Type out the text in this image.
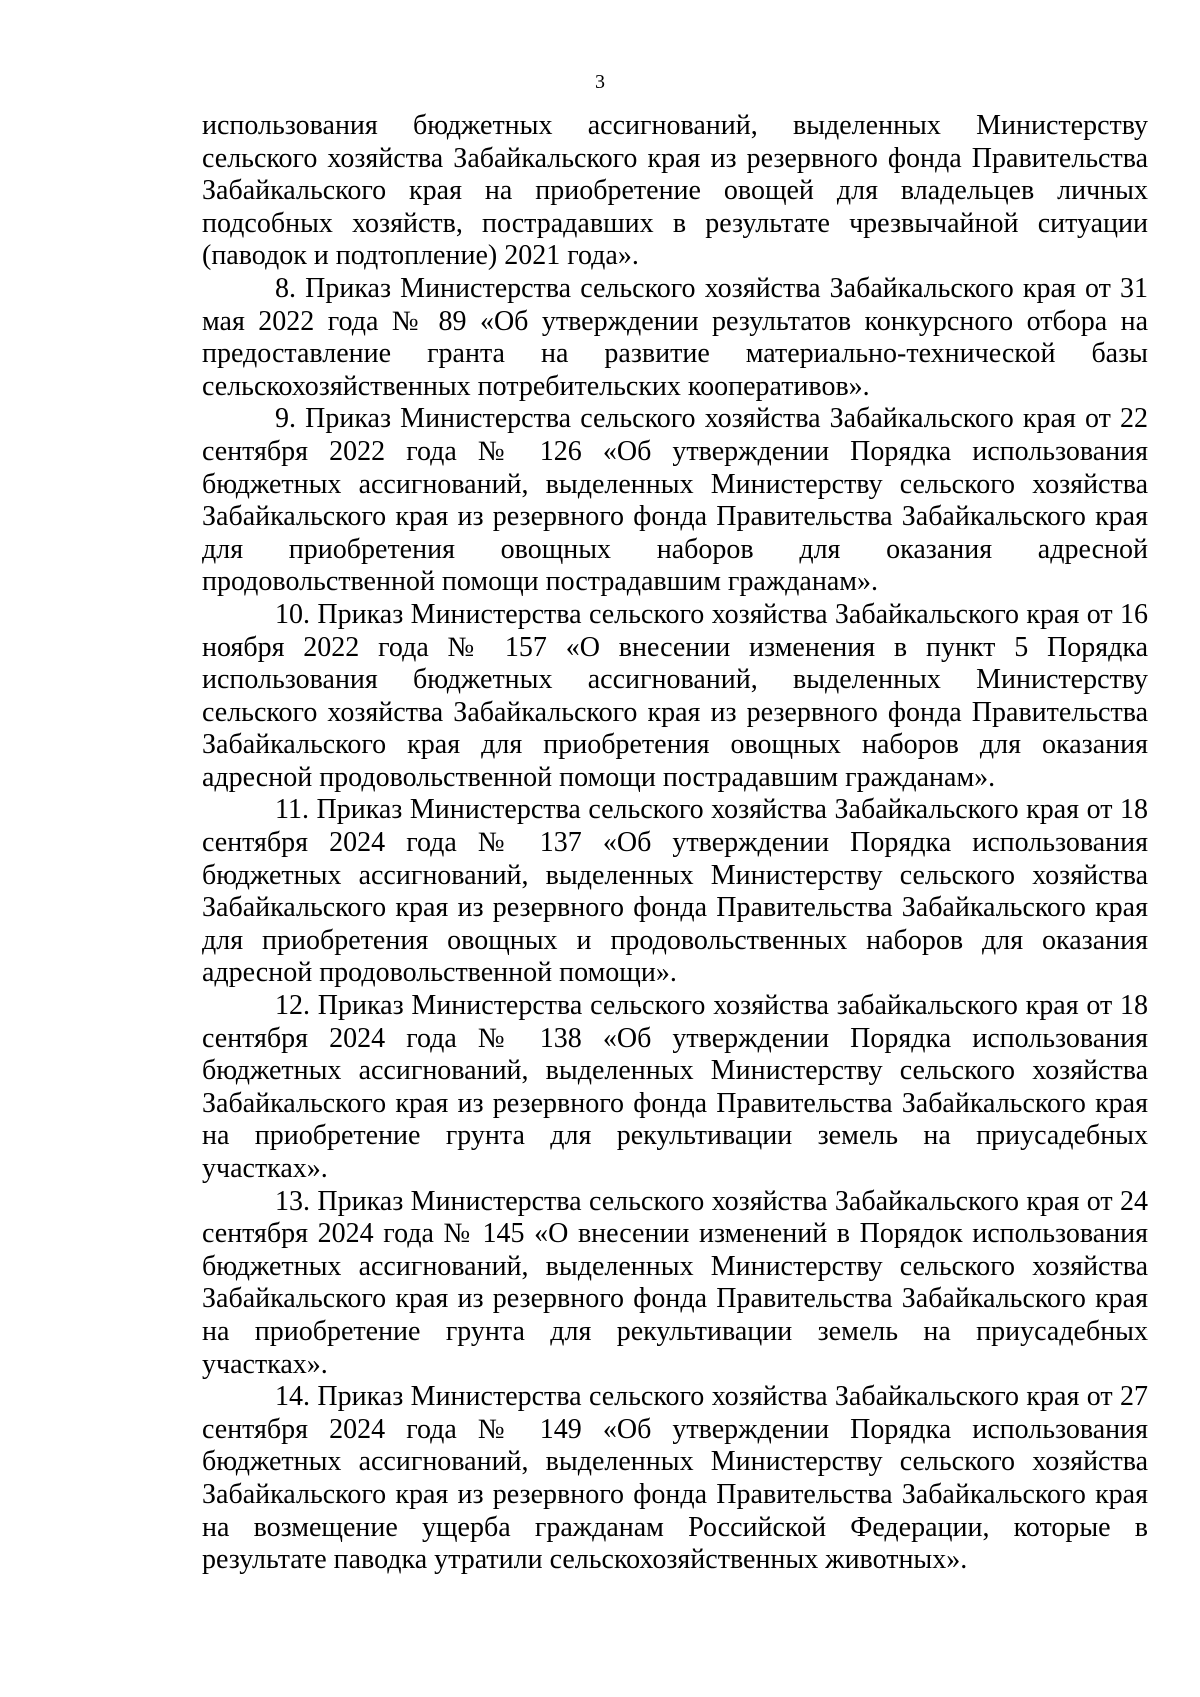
3

использования бюджетных ассигнований, выделенных Министерству сельского хозяйства Забайкальского края из резервного фонда Правительства Забайкальского края на приобретение овощей для владельцев личных подсобных хозяйств, пострадавших в результате чрезвычайной ситуации (паводок и подтопление) 2021 года».

8. Приказ Министерства сельского хозяйства Забайкальского края от 31 мая 2022 года № 89 «Об утверждении результатов конкурсного отбора на предоставление гранта на развитие материально-технической базы сельскохозяйственных потребительских кооперативов».

9. Приказ Министерства сельского хозяйства Забайкальского края от 22 сентября 2022 года № 126 «Об утверждении Порядка использования бюджетных ассигнований, выделенных Министерству сельского хозяйства Забайкальского края из резервного фонда Правительства Забайкальского края для приобретения овощных наборов для оказания адресной продовольственной помощи пострадавшим гражданам».

10. Приказ Министерства сельского хозяйства Забайкальского края от 16 ноября 2022 года № 157 «О внесении изменения в пункт 5 Порядка использования бюджетных ассигнований, выделенных Министерству сельского хозяйства Забайкальского края из резервного фонда Правительства Забайкальского края для приобретения овощных наборов для оказания адресной продовольственной помощи пострадавшим гражданам».

11. Приказ Министерства сельского хозяйства Забайкальского края от 18 сентября 2024 года № 137 «Об утверждении Порядка использования бюджетных ассигнований, выделенных Министерству сельского хозяйства Забайкальского края из резервного фонда Правительства Забайкальского края для приобретения овощных и продовольственных наборов для оказания адресной продовольственной помощи».

12. Приказ Министерства сельского хозяйства забайкальского края от 18 сентября 2024 года № 138 «Об утверждении Порядка использования бюджетных ассигнований, выделенных Министерству сельского хозяйства Забайкальского края из резервного фонда Правительства Забайкальского края на приобретение грунта для рекультивации земель на приусадебных участках».

13. Приказ Министерства сельского хозяйства Забайкальского края от 24 сентября 2024 года № 145 «О внесении изменений в Порядок использования бюджетных ассигнований, выделенных Министерству сельского хозяйства Забайкальского края из резервного фонда Правительства Забайкальского края на приобретение грунта для рекультивации земель на приусадебных участках».

14. Приказ Министерства сельского хозяйства Забайкальского края от 27 сентября 2024 года № 149 «Об утверждении Порядка использования бюджетных ассигнований, выделенных Министерству сельского хозяйства Забайкальского края из резервного фонда Правительства Забайкальского края на возмещение ущерба гражданам Российской Федерации, которые в результате паводка утратили сельскохозяйственных животных».
